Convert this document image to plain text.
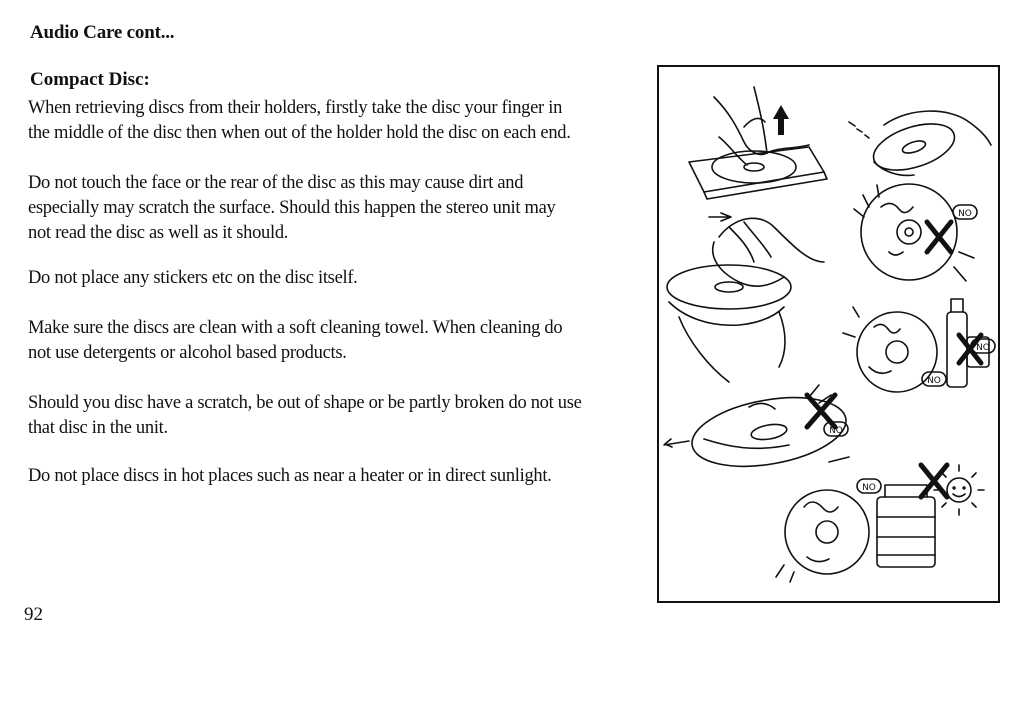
Audio Care cont...
Compact Disc:
When retrieving discs from their holders, firstly take the disc your finger in
the middle of the disc then when out of the holder hold the disc on each end.
Do not touch the face or the rear of the disc as this may cause dirt and
especially may scratch the surface. Should this happen the stereo unit may
not read the disc as well as it should.
Do not place any stickers etc on the disc itself.
Make sure the discs are clean with a soft cleaning towel. When cleaning do
not use detergents or alcohol based products.
Should you disc have a scratch, be out of shape or be partly broken do not use
that disc in the unit.
Do not place discs in hot places such as near a heater or in direct sunlight.
92
NO
NO
NO
NO
NO
